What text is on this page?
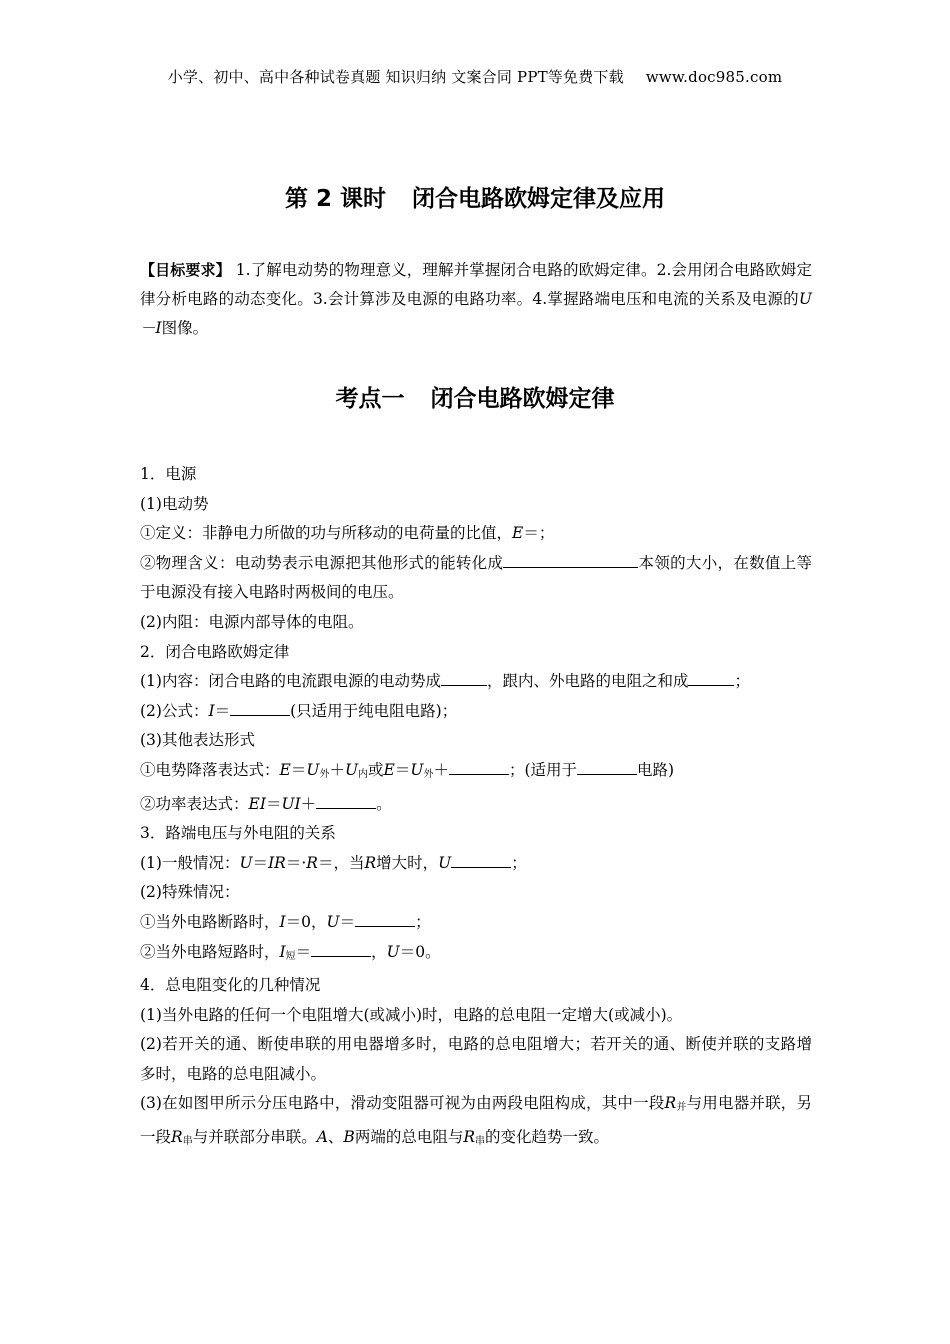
小学、初中、高中各种试卷真题 知识归纳 文案合同 PPT等免费下载 www.doc985.com
第 2 课时 闭合电路欧姆定律及应用
【目标要求】 1.了解电动势的物理意义，理解并掌握闭合电路的欧姆定律。2.会用闭合电路欧姆定律分析电路的动态变化。3.会计算涉及电源的电路功率。4.掌握路端电压和电流的关系及电源的U－I图像。
考点一 闭合电路欧姆定律

1．电源

(1)电动势

①定义：非静电力所做的功与所移动的电荷量的比值，E＝；

②物理含义：电动势表示电源把其他形式的能转化成	本领的大小，在数值上等于电源没有接入电路时两极间的电压。

(2)内阻：电源内部导体的电阻。

2．闭合电路欧姆定律

(1)内容：闭合电路的电流跟电源的电动势成	，跟内、外电路的电阻之和成	；

(2)公式：I＝	(只适用于纯电阻电路)；

(3)其他表达形式

①电势降落表达式：$E=U_外+U_内$或$E=U_外+$	；(适用于	电路)

②功率表达式：EI＝UI＋	。

3．路端电压与外电阻的关系

(1)一般情况：U＝IR＝·R＝，当R增大时，U	；

(2)特殊情况：

①当外电路断路时，I＝0，U＝	；

②当外电路短路时，$I_短=$	，U＝0。

4．总电阻变化的几种情况

(1)当外电路的任何一个电阻增大(或减小)时，电路的总电阻一定增大(或减小)。

(2)若开关的通、断使串联的用电器增多时，电路的总电阻增大；若开关的通、断使并联的支路增多时，电路的总电阻减小。

(3)在如图甲所示分压电路中，滑动变阻器可视为由两段电阻构成，其中一段$R_并$与用电器并联，另一段$R_串$与并联部分串联。A、B两端的总电阻与$R_串$的变化趋势一致。
